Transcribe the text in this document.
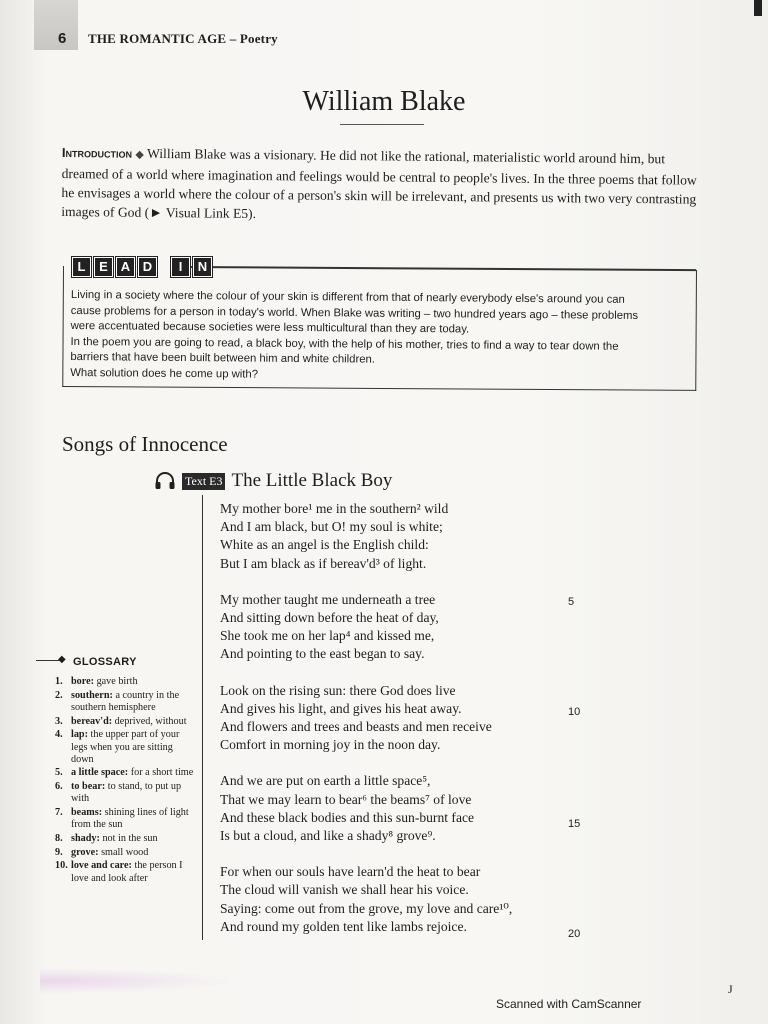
6 THE ROMANTIC AGE – Poetry
William Blake
Introduction ◆ William Blake was a visionary. He did not like the rational, materialistic world around him, but dreamed of a world where imagination and feelings would be central to people's lives. In the three poems that follow he envisages a world where the colour of a person's skin will be irrelevant, and presents us with two very contrasting images of God (► Visual Link E5).
L	E A D	I	N
Living in a society where the colour of your skin is different from that of nearly everybody else's around you can
cause problems for a person in today's world. When Blake was writing – two hundred years ago – these problems
were accentuated because societies were less multicultural than they are today.
In the poem you are going to read, a black boy, with the help of his mother, tries to find a way to tear down the
barriers that have been built between him and white children.
What solution does he come up with?
Songs of Innocence
Text E3 The Little Black Boy
My mother bore¹ me in the southern² wild
And I am black, but O! my soul is white;
White as an angel is the English child:
But I am black as if bereav'd³ of light.
My mother taught me underneath a tree
And sitting down before the heat of day,
She took me on her lap⁴ and kissed me,
And pointing to the east began to say.
Look on the rising sun: there God does live
And gives his light, and gives his heat away.
And flowers and trees and beasts and men receive
Comfort in morning joy in the noon day.
And we are put on earth a little space⁵,
That we may learn to bear⁶ the beams⁷ of love
And these black bodies and this sun-burnt face
Is but a cloud, and like a shady⁸ grove⁹.
For when our souls have learn'd the heat to bear
The cloud will vanish we shall hear his voice.
Saying: come out from the grove, my love and care¹⁰,
And round my golden tent like lambs rejoice.
5
10
15
20
◆ GLOSSARY
1. bore: gave birth
2. southern: a country in the southern hemisphere
3. bereav'd: deprived, without
4. lap: the upper part of your legs when you are sitting down
5. a little space: for a short time
6. to bear: to stand, to put up with
7. beams: shining lines of light from the sun
8. shady: not in the sun
9. grove: small wood
10. love and care: the person I love and look after
Scanned with CamScanner
J
